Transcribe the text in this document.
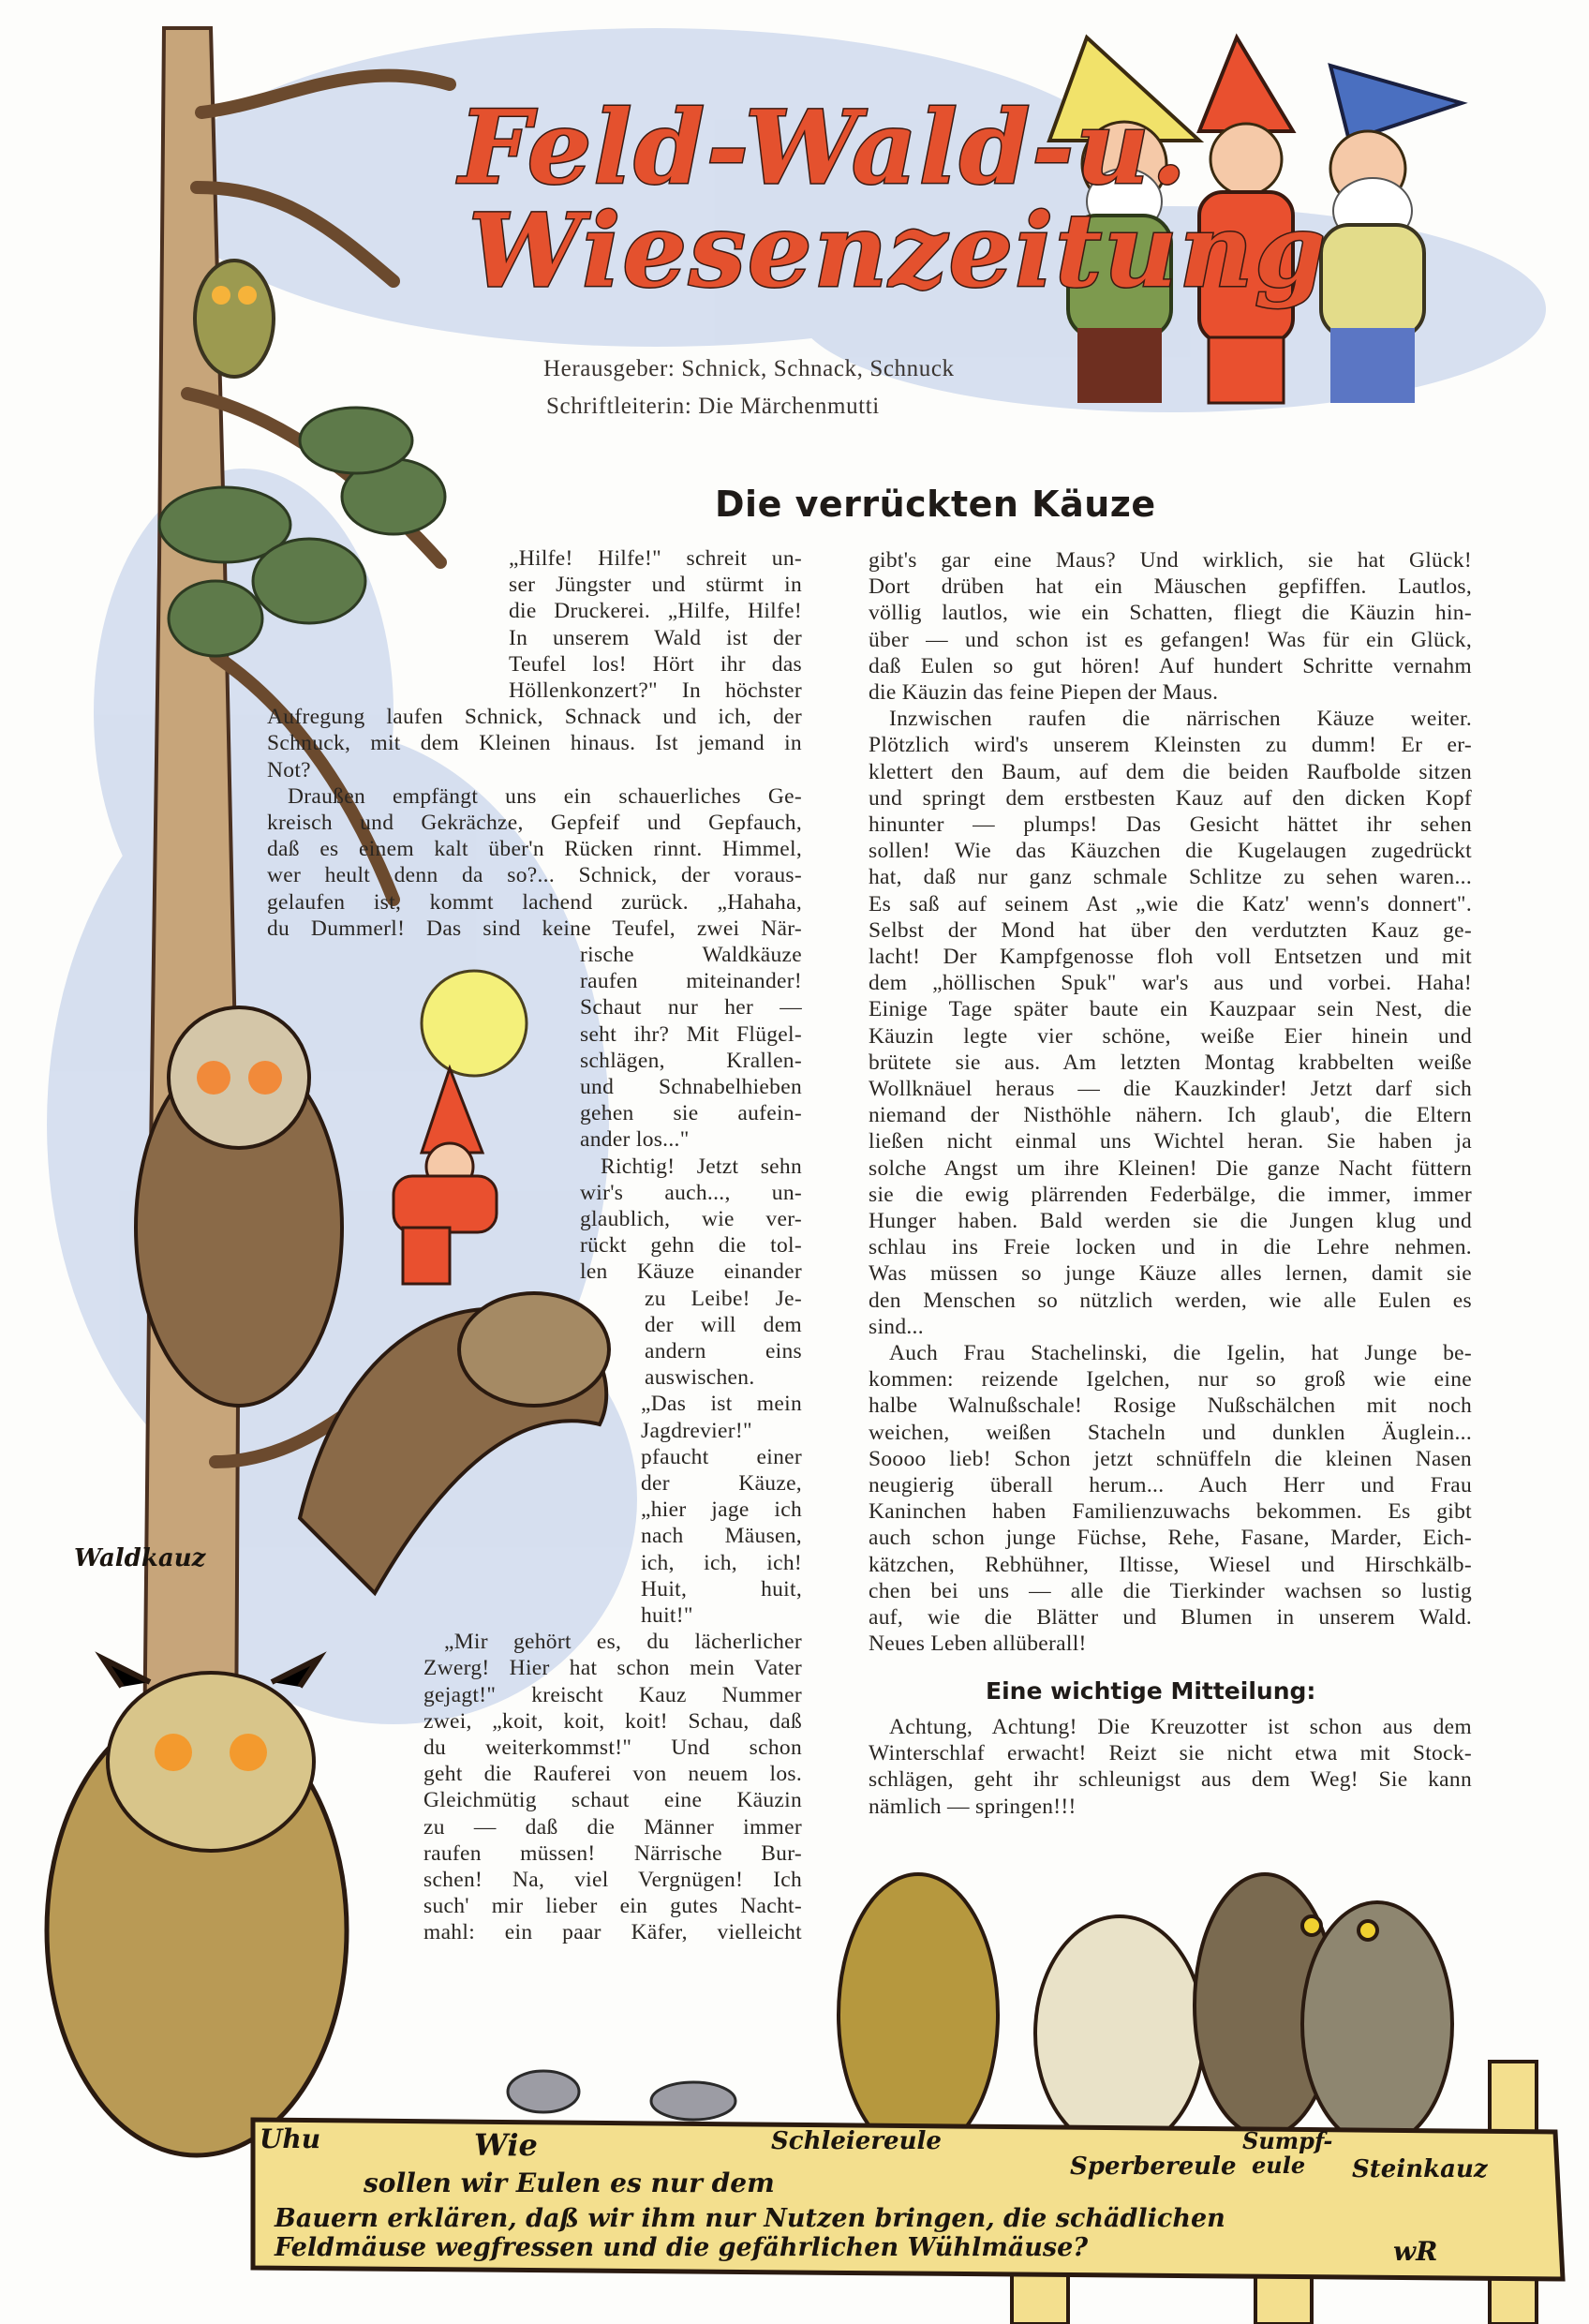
Feld-Wald-u.
Wiesenzeitung
Herausgeber: Schnick, Schnack, Schnuck
Schriftleiterin: Die Märchenmutti
Die verrückten Käuze
„Hilfe! Hilfe!" schreit un-
ser Jüngster und stürmt in
die Druckerei. „Hilfe, Hilfe!
In unserem Wald ist der
Teufel los! Hört ihr das
Höllenkonzert?" In höchster
Aufregung laufen Schnick, Schnack und ich, der
Schnuck, mit dem Kleinen hinaus. Ist jemand in
Not?
Draußen empfängt uns ein schauerliches Ge-
kreisch und Gekrächze, Gepfeif und Gepfauch,
daß es einem kalt über'n Rücken rinnt. Himmel,
wer heult denn da so?... Schnick, der voraus-
gelaufen ist, kommt lachend zurück. „Hahaha,
du Dummerl! Das sind keine Teufel, zwei När-
rische Waldkäuze
raufen miteinander!
Schaut nur her —
seht ihr? Mit Flügel-
schlägen, Krallen-
und Schnabelhieben
gehen sie aufein-
ander los..."
Richtig! Jetzt sehn
wir's auch..., un-
glaublich, wie ver-
rückt gehn die tol-
len Käuze einander
zu Leibe! Je-
der will dem
andern eins
auswischen.
„Das ist mein
Jagdrevier!"
pfaucht einer
der Käuze,
„hier jage ich
nach Mäusen,
ich, ich, ich!
Huit, huit,
huit!"
„Mir gehört es, du lächerlicher
Zwerg! Hier hat schon mein Vater
gejagt!" kreischt Kauz Nummer
zwei, „koit, koit, koit! Schau, daß
du weiterkommst!" Und schon
geht die Rauferei von neuem los.
Gleichmütig schaut eine Käuzin
zu — daß die Männer immer
raufen müssen! Närrische Bur-
schen! Na, viel Vergnügen! Ich
such' mir lieber ein gutes Nacht-
mahl: ein paar Käfer, vielleicht
gibt's gar eine Maus? Und wirklich, sie hat Glück!
Dort drüben hat ein Mäuschen gepfiffen. Lautlos,
völlig lautlos, wie ein Schatten, fliegt die Käuzin hin-
über — und schon ist es gefangen! Was für ein Glück,
daß Eulen so gut hören! Auf hundert Schritte vernahm
die Käuzin das feine Piepen der Maus.
Inzwischen raufen die närrischen Käuze weiter.
Plötzlich wird's unserem Kleinsten zu dumm! Er er-
klettert den Baum, auf dem die beiden Raufbolde sitzen
und springt dem erstbesten Kauz auf den dicken Kopf
hinunter — plumps! Das Gesicht hättet ihr sehen
sollen! Wie das Käuzchen die Kugelaugen zugedrückt
hat, daß nur ganz schmale Schlitze zu sehen waren...
Es saß auf seinem Ast „wie die Katz' wenn's donnert".
Selbst der Mond hat über den verdutzten Kauz ge-
lacht! Der Kampfgenosse floh voll Entsetzen und mit
dem „höllischen Spuk" war's aus und vorbei. Haha!
Einige Tage später baute ein Kauzpaar sein Nest, die
Käuzin legte vier schöne, weiße Eier hinein und
brütete sie aus. Am letzten Montag krabbelten weiße
Wollknäuel heraus — die Kauzkinder! Jetzt darf sich
niemand der Nisthöhle nähern. Ich glaub', die Eltern
ließen nicht einmal uns Wichtel heran. Sie haben ja
solche Angst um ihre Kleinen! Die ganze Nacht füttern
sie die ewig plärrenden Federbälge, die immer, immer
Hunger haben. Bald werden sie die Jungen klug und
schlau ins Freie locken und in die Lehre nehmen.
Was müssen so junge Käuze alles lernen, damit sie
den Menschen so nützlich werden, wie alle Eulen es
sind...
Auch Frau Stachelinski, die Igelin, hat Junge be-
kommen: reizende Igelchen, nur so groß wie eine
halbe Walnußschale! Rosige Nußschälchen mit noch
weichen, weißen Stacheln und dunklen Äuglein...
Soooo lieb! Schon jetzt schnüffeln die kleinen Nasen
neugierig überall herum... Auch Herr und Frau
Kaninchen haben Familienzuwachs bekommen. Es gibt
auch schon junge Füchse, Rehe, Fasane, Marder, Eich-
kätzchen, Rebhühner, Iltisse, Wiesel und Hirschkälb-
chen bei uns — alle die Tierkinder wachsen so lustig
auf, wie die Blätter und Blumen in unserem Wald.
Neues Leben allüberall!
Eine wichtige Mitteilung:
Achtung, Achtung! Die Kreuzotter ist schon aus dem
Winterschlaf erwacht! Reizt sie nicht etwa mit Stock-
schlägen, geht ihr schleunigst aus dem Weg! Sie kann
nämlich — springen!!!
Waldkauz
Uhu	Schleiereule
Sperbereule
Sumpf-
eule Steinkauz
Wie
sollen wir Eulen es nur dem
Bauern erklären, daß wir ihm nur Nutzen bringen, die schädlichen
Feldmäuse wegfressen und die gefährlichen Wühlmäuse?	wR
